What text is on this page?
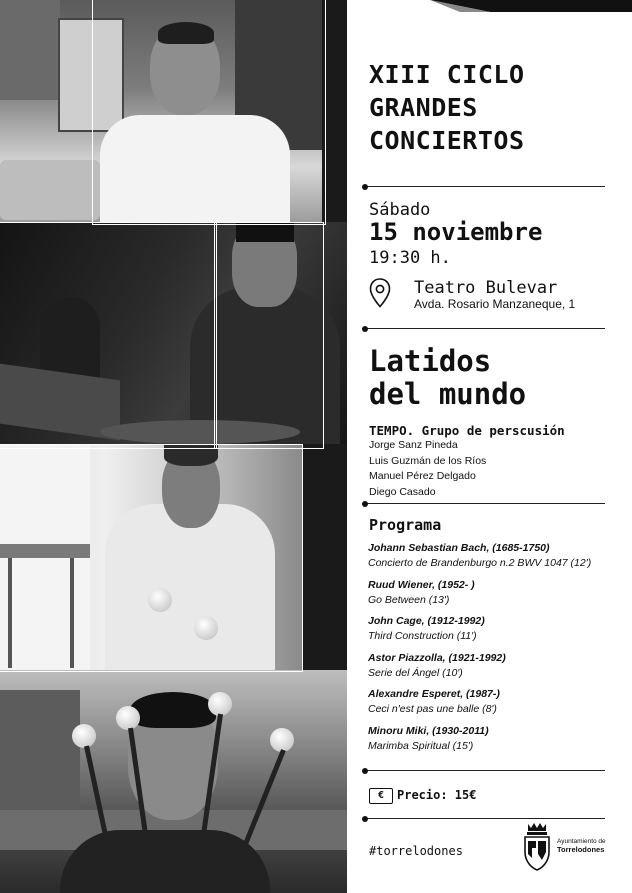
XIII CICLO
GRANDES
CONCIERTOS
Sábado
15 noviembre
19:30 h.
Teatro Bulevar
Avda. Rosario Manzaneque, 1
Latidos
del mundo
TEMPO. Grupo de perscusión
Jorge Sanz Pineda
Luis Guzmán de los Ríos
Manuel Pérez Delgado
Diego Casado
Programa
Johann Sebastian Bach, (1685-1750)
Concierto de Brandenburgo n.2 BWV 1047 (12')
Ruud Wiener, (1952- )
Go Between (13')
John Cage, (1912-1992)
Third Construction (11')
Astor Piazzolla, (1921-1992)
Serie del Ángel (10')
Alexandre Esperet, (1987-)
Ceci n'est pas une balle (8')
Minoru Miki, (1930-2011)
Marimba Spiritual (15')
€	Precio: 15€
#torrelodones
Ayuntamiento de
Torrelodones
